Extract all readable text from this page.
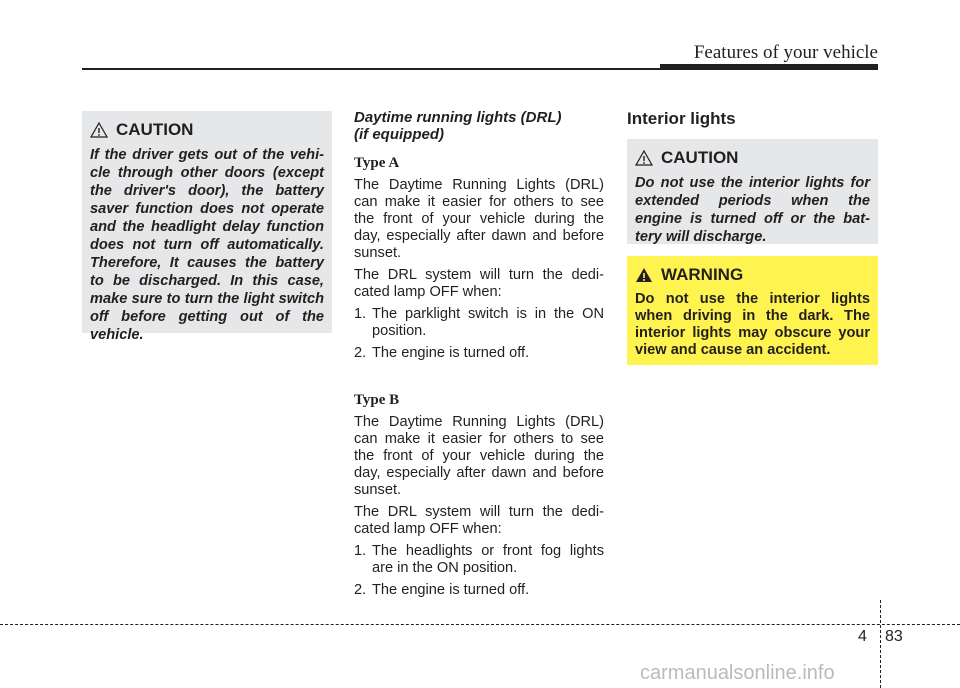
Features of your vehicle
CAUTION
If the driver gets out of the vehi-cle through other doors (except the driver's door), the battery saver function does not operate and the headlight delay function does not turn off automatically. Therefore, It causes the battery to be discharged. In this case, make sure to turn the light switch off before getting out of the vehicle.
Daytime running lights (DRL)
(if equipped)
Type A
The Daytime Running Lights (DRL) can make it easier for others to see the front of your vehicle during the day, especially after dawn and before sunset.
The DRL system will turn the dedi-cated lamp OFF when:
1. The parklight switch is in the ON position.
2. The engine is turned off.
Type B
The Daytime Running Lights (DRL) can make it easier for others to see the front of your vehicle during the day, especially after dawn and before sunset.
The DRL system will turn the dedi-cated lamp OFF when:
1. The headlights or front fog lights are in the ON position.
2. The engine is turned off.
Interior lights
CAUTION
Do not use the interior lights for extended periods when the engine is turned off or the bat-tery will discharge.
WARNING
Do not use the interior lights when driving in the dark. The interior lights may obscure your view and cause an accident.
4 83
carmanualsonline.info
